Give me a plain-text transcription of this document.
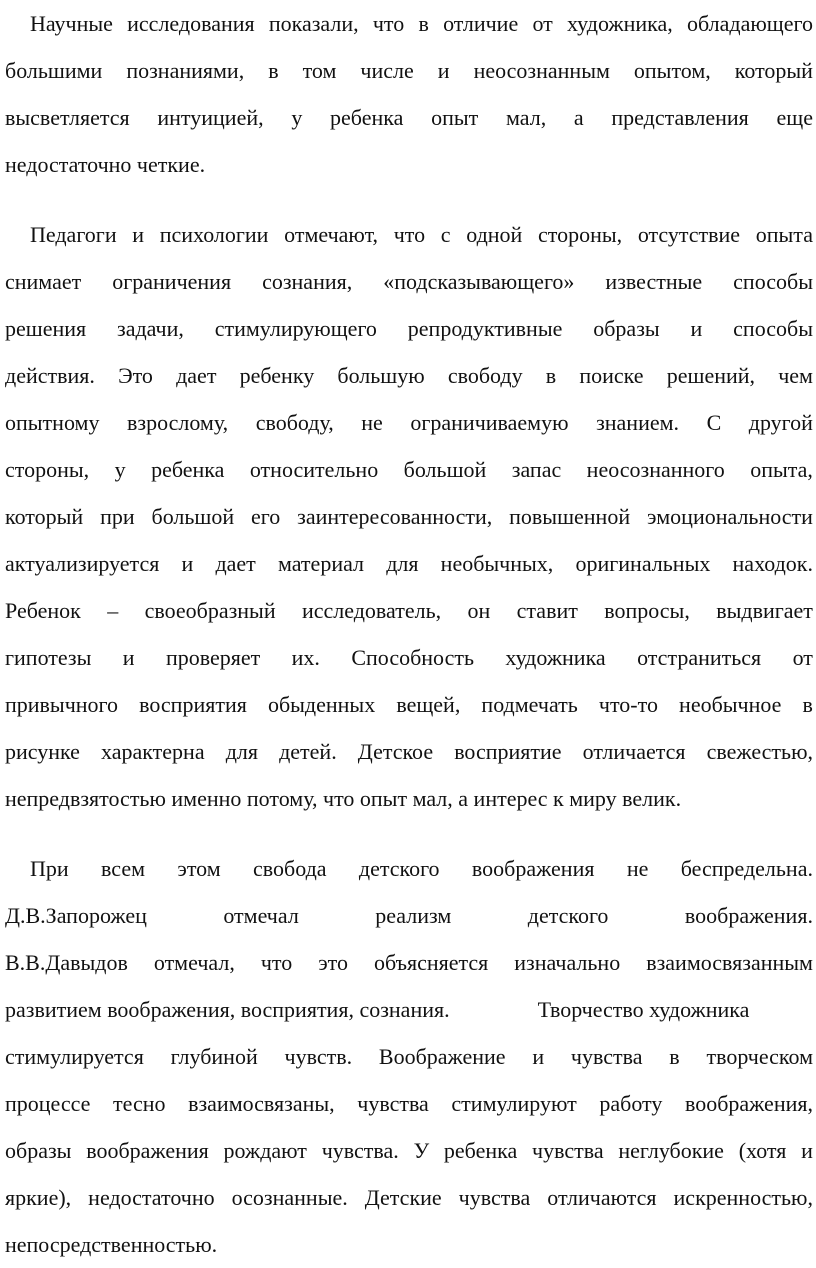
Научные исследования показали, что в отличие от художника, обладающего
большими познаниями, в том числе и неосознанным опытом, который
высветляется интуицией, у ребенка опыт мал, а представления еще
недостаточно четкие.
Педагоги и психологии отмечают, что с одной стороны, отсутствие опыта
снимает ограничения сознания, «подсказывающего» известные способы
решения задачи, стимулирующего репродуктивные образы и способы
действия. Это дает ребенку большую свободу в поиске решений, чем
опытному взрослому, свободу, не ограничиваемую знанием. С другой
стороны, у ребенка относительно большой запас неосознанного опыта,
который при большой его заинтересованности, повышенной эмоциональности
актуализируется и дает материал для необычных, оригинальных находок.
Ребенок – своеобразный исследователь, он ставит вопросы, выдвигает
гипотезы и проверяет их. Способность художника отстраниться от
привычного восприятия обыденных вещей, подмечать что-то необычное в
рисунке характерна для детей. Детское восприятие отличается свежестью,
непредвзятостью именно потому, что опыт мал, а интерес к миру велик.
При всем этом свобода детского воображения не беспредельна.
Д.В.Запорожец	отмечал	реализм	детского	воображения.
В.В.Давыдов отмечал, что это объясняется изначально взаимосвязанным
развитием воображения, восприятия, сознания.	Творчество художника
стимулируется глубиной чувств. Воображение и чувства в творческом
процессе тесно взаимосвязаны, чувства стимулируют работу воображения,
образы воображения рождают чувства. У ребенка чувства неглубокие (хотя и
яркие), недостаточно осознанные. Детские чувства отличаются искренностью,
непосредственностью.
